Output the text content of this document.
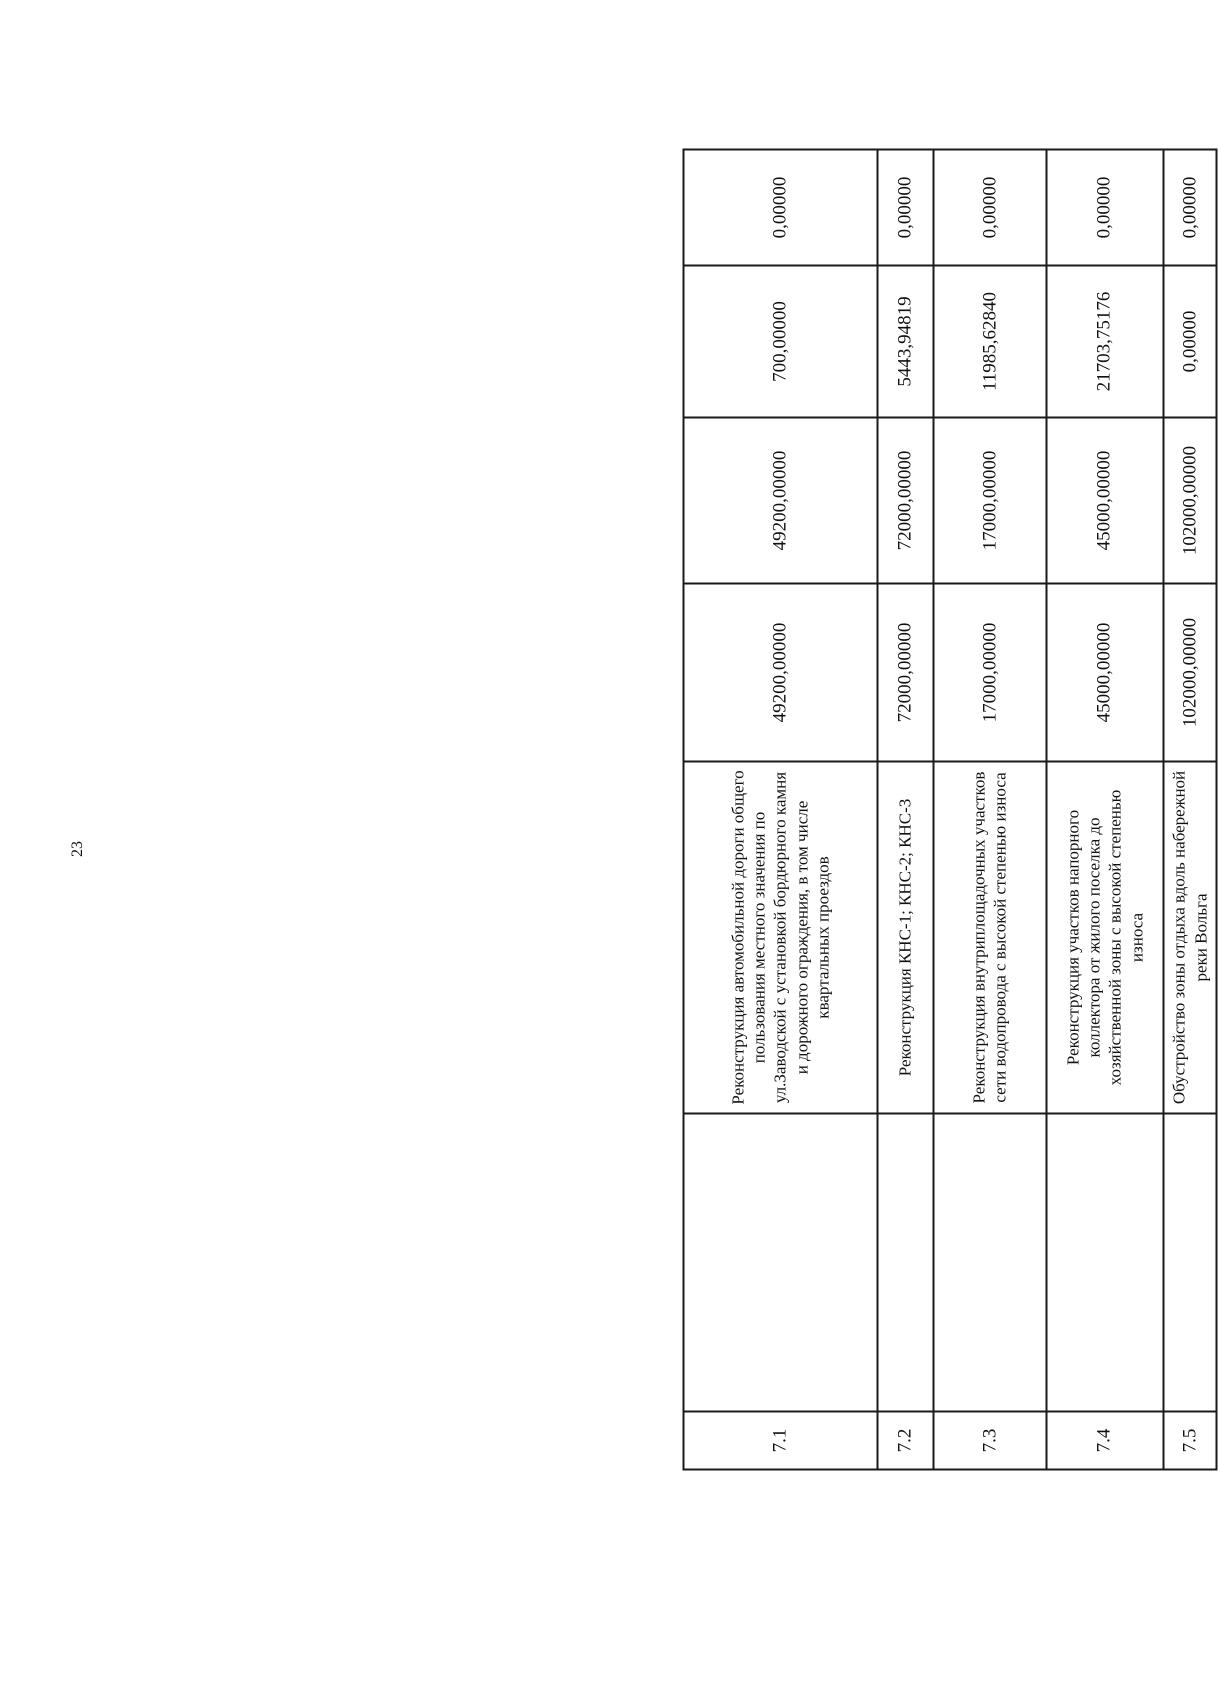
23
7.1		Реконструкция автомобильной дороги общего пользования местного значения по ул.Заводской с установкой бордюрного камня и дорожного ограждения, в том числе квартальных проездов	49200,00000	49200,00000	700,00000	0,00000
7.2		Реконструкция КНС-1; КНС-2; КНС-3	72000,00000	72000,00000	5443,94819	0,00000
7.3		Реконструкция внутриплощадочных участков сети водопровода с высокой степенью износа	17000,00000	17000,00000	11985,62840	0,00000
7.4		Реконструкция участков напорного коллектора от жилого поселка до хозяйственной зоны с высокой степенью износа	45000,00000	45000,00000	21703,75176	0,00000
7.5		Обустройство зоны отдыха вдоль набережной реки Вольга	102000,00000	102000,00000	0,00000	0,00000
